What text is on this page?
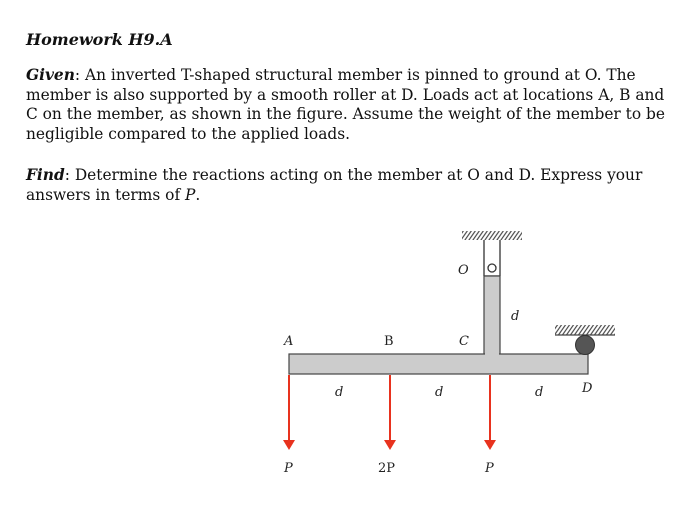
Homework H9.A
Given: An inverted T-shaped structural member is pinned to ground at O. The member is also supported by a smooth roller at D. Loads act at locations A, B and C on the member, as shown in the figure. Assume the weight of the member to be negligible compared to the applied loads.
Find: Determine the reactions acting on the member at O and D. Express your answers in terms of P.
A	B	C
O
D
d
d	d	d
P	2P	P
